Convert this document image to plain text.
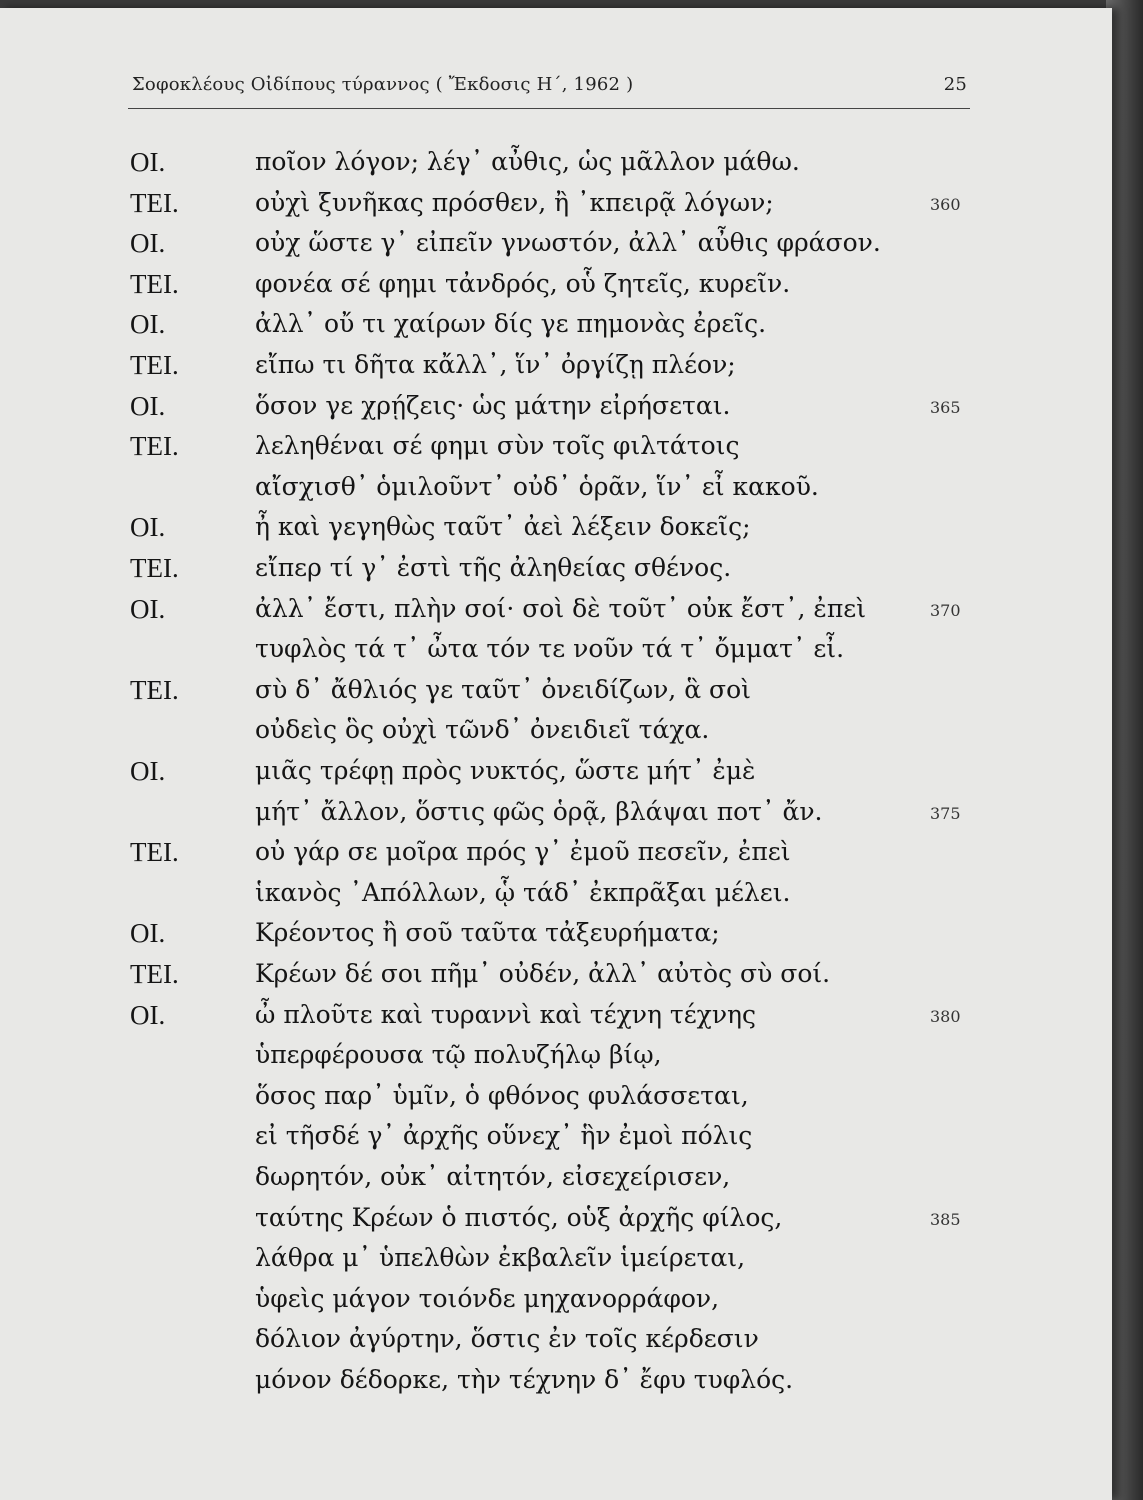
Σοφοκλέους Οἰδίπους τύραννος ( Ἔκδοσις Η΄, 1962 )	25
ΟΙ.	ποῖον λόγον; λέγ᾽ αὖθις, ὡς μᾶλλον μάθω.
ΤΕΙ.	οὐχὶ ξυνῆκας πρόσθεν, ἢ ᾽κπειρᾷ λόγων;	360
ΟΙ.	οὐχ ὥστε γ᾽ εἰπεῖν γνωστόν, ἀλλ᾽ αὖθις φράσον.
ΤΕΙ.	φονέα σέ φημι τἀνδρός, οὗ ζητεῖς, κυρεῖν.
ΟΙ.	ἀλλ᾽ οὔ τι χαίρων δίς γε πημονὰς ἐρεῖς.
ΤΕΙ.	εἴπω τι δῆτα κἄλλ᾽, ἵν᾽ ὀργίζῃ πλέον;
ΟΙ.	ὅσον γε χρῄζεις· ὡς μάτην εἰρήσεται.	365
ΤΕΙ.	λεληθέναι σέ φημι σὺν τοῖς φιλτάτοις
αἴσχισθ᾽ ὁμιλοῦντ᾽ οὐδ᾽ ὁρᾶν, ἵν᾽ εἶ κακοῦ.
ΟΙ.	ἦ καὶ γεγηθὼς ταῦτ᾽ ἀεὶ λέξειν δοκεῖς;
ΤΕΙ.	εἴπερ τί γ᾽ ἐστὶ τῆς ἀληθείας σθένος.
ΟΙ.	ἀλλ᾽ ἔστι, πλὴν σοί· σοὶ δὲ τοῦτ᾽ οὐκ ἔστ᾽, ἐπεὶ	370
τυφλὸς τά τ᾽ ὦτα τόν τε νοῦν τά τ᾽ ὄμματ᾽ εἶ.
ΤΕΙ.	σὺ δ᾽ ἄθλιός γε ταῦτ᾽ ὀνειδίζων, ἃ σοὶ
οὐδεὶς ὃς οὐχὶ τῶνδ᾽ ὀνειδιεῖ τάχα.
ΟΙ.	μιᾶς τρέφῃ πρὸς νυκτός, ὥστε μήτ᾽ ἐμὲ
μήτ᾽ ἄλλον, ὅστις φῶς ὁρᾷ, βλάψαι ποτ᾽ ἄν.	375
ΤΕΙ.	οὐ γάρ σε μοῖρα πρός γ᾽ ἐμοῦ πεσεῖν, ἐπεὶ
ἱκανὸς ᾽Απόλλων, ᾧ τάδ᾽ ἐκπρᾶξαι μέλει.
ΟΙ.	Κρέοντος ἢ σοῦ ταῦτα τἀξευρήματα;
ΤΕΙ.	Κρέων δέ σοι πῆμ᾽ οὐδέν, ἀλλ᾽ αὐτὸς σὺ σοί.
ΟΙ.	ὦ πλοῦτε καὶ τυραννὶ καὶ τέχνη τέχνης	380
ὑπερφέρουσα τῷ πολυζήλῳ βίῳ,
ὅσος παρ᾽ ὑμῖν, ὁ φθόνος φυλάσσεται,
εἰ τῆσδέ γ᾽ ἀρχῆς οὕνεχ᾽ ἣν ἐμοὶ πόλις
δωρητόν, οὐκ᾽ αἰτητόν, εἰσεχείρισεν,
ταύτης Κρέων ὁ πιστός, οὑξ ἀρχῆς φίλος,	385
λάθρα μ᾽ ὑπελθὼν ἐκβαλεῖν ἱμείρεται,
ὑφεὶς μάγον τοιόνδε μηχανορράφον,
δόλιον ἀγύρτην, ὅστις ἐν τοῖς κέρδεσιν
μόνον δέδορκε, τὴν τέχνην δ᾽ ἔφυ τυφλός.
